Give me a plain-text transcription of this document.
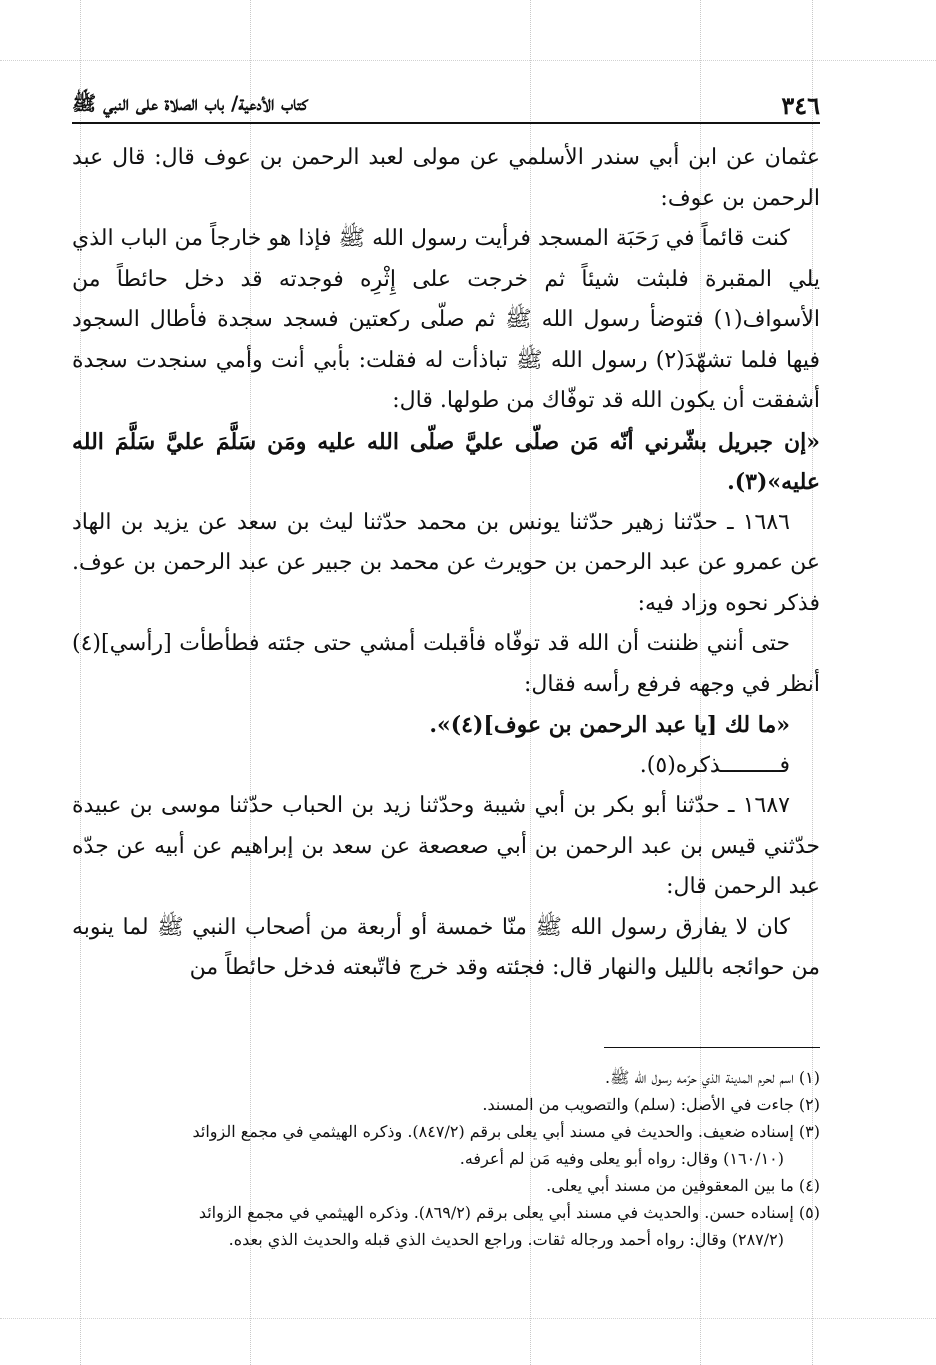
٣٤٦
كتاب الأدعية/ باب الصلاة على النبي ﷺ

عثمان عن ابن أبي سندر الأسلمي عن مولى لعبد الرحمن بن عوف قال: قال عبد الرحمن بن عوف:

كنت قائماً في رَحَبَة المسجد فرأيت رسول الله ﷺ فإذا هو خارجاً من الباب الذي يلي المقبرة فلبثت شيئاً ثم خرجت على إِثْرِه فوجدته قد دخل حائطاً من الأسواف(١) فتوضأ رسول الله ﷺ ثم صلّى ركعتين فسجد سجدة فأطال السجود فيها فلما تشهّدَ(٢) رسول الله ﷺ تباذأت له فقلت: بأبي أنت وأمي سنجدت سجدة أشفقت أن يكون الله قد توفّاك من طولها. قال:

«إن جبريل بشّرني أنّه مَن صلّى عليَّ صلّى الله عليه ومَن سَلَّمَ عليَّ سَلَّمَ الله عليه»(٣).

١٦٨٦ ـ حدّثنا زهير حدّثنا يونس بن محمد حدّثنا ليث بن سعد عن يزيد بن الهاد عن عمرو عن عبد الرحمن بن حويرث عن محمد بن جبير عن عبد الرحمن بن عوف. فذكر نحوه وزاد فيه:

حتى أنني ظننت أن الله قد توفّاه فأقبلت أمشي حتى جئته فطأطأت [رأسي](٤) أنظر في وجهه فرفع رأسه فقال:

«ما لك [يا عبد الرحمن بن عوف](٤)».

فـــــــــذكره(٥).

١٦٨٧ ـ حدّثنا أبو بكر بن أبي شيبة وحدّثنا زيد بن الحباب حدّثنا موسى بن عبيدة حدّثني قيس بن عبد الرحمن بن أبي صعصعة عن سعد بن إبراهيم عن أبيه عن جدّه عبد الرحمن قال:

كان لا يفارق رسول الله ﷺ منّا خمسة أو أربعة من أصحاب النبي ﷺ لما ينوبه من حوائجه بالليل والنهار قال: فجئته وقد خرج فاتّبعته فدخل حائطاً من

(١) اسم لحرم المدينة الذي حرّمه رسول الله ﷺ.

(٢) جاءت في الأصل: (سلم) والتصويب من المسند.

(٣) إسناده ضعيف. والحديث في مسند أبي يعلى برقم (٨٤٧/٢). وذكره الهيثمي في مجمع الزوائد

(١٦٠/١٠) وقال: رواه أبو يعلى وفيه مَن لم أعرفه.

(٤) ما بين المعقوفين من مسند أبي يعلى.

(٥) إسناده حسن. والحديث في مسند أبي يعلى برقم (٨٦٩/٢). وذكره الهيثمي في مجمع الزوائد

(٢٨٧/٢) وقال: رواه أحمد ورجاله ثقات. وراجع الحديث الذي قبله والحديث الذي بعده.
